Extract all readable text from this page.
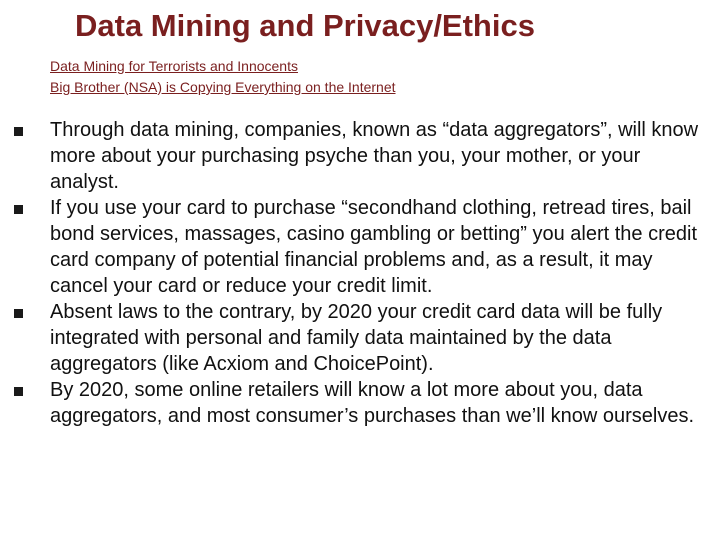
Data Mining and Privacy/Ethics
Data Mining for Terrorists and Innocents
Big Brother (NSA) is Copying Everything on the Internet
Through data mining, companies, known as “data aggregators”, will know more about your purchasing psyche than you, your mother, or your analyst.
If you use your card to purchase “secondhand clothing, retread tires, bail bond services, massages, casino gambling or betting” you alert the credit card company of potential financial problems and, as a result, it may cancel your card or reduce your credit limit.
Absent laws to the contrary, by 2020 your credit card data will be fully integrated with personal and family data maintained by the data aggregators (like Acxiom and ChoicePoint).
By 2020, some online retailers will know a lot more about you, data aggregators, and most consumer’s purchases than we’ll know ourselves.
